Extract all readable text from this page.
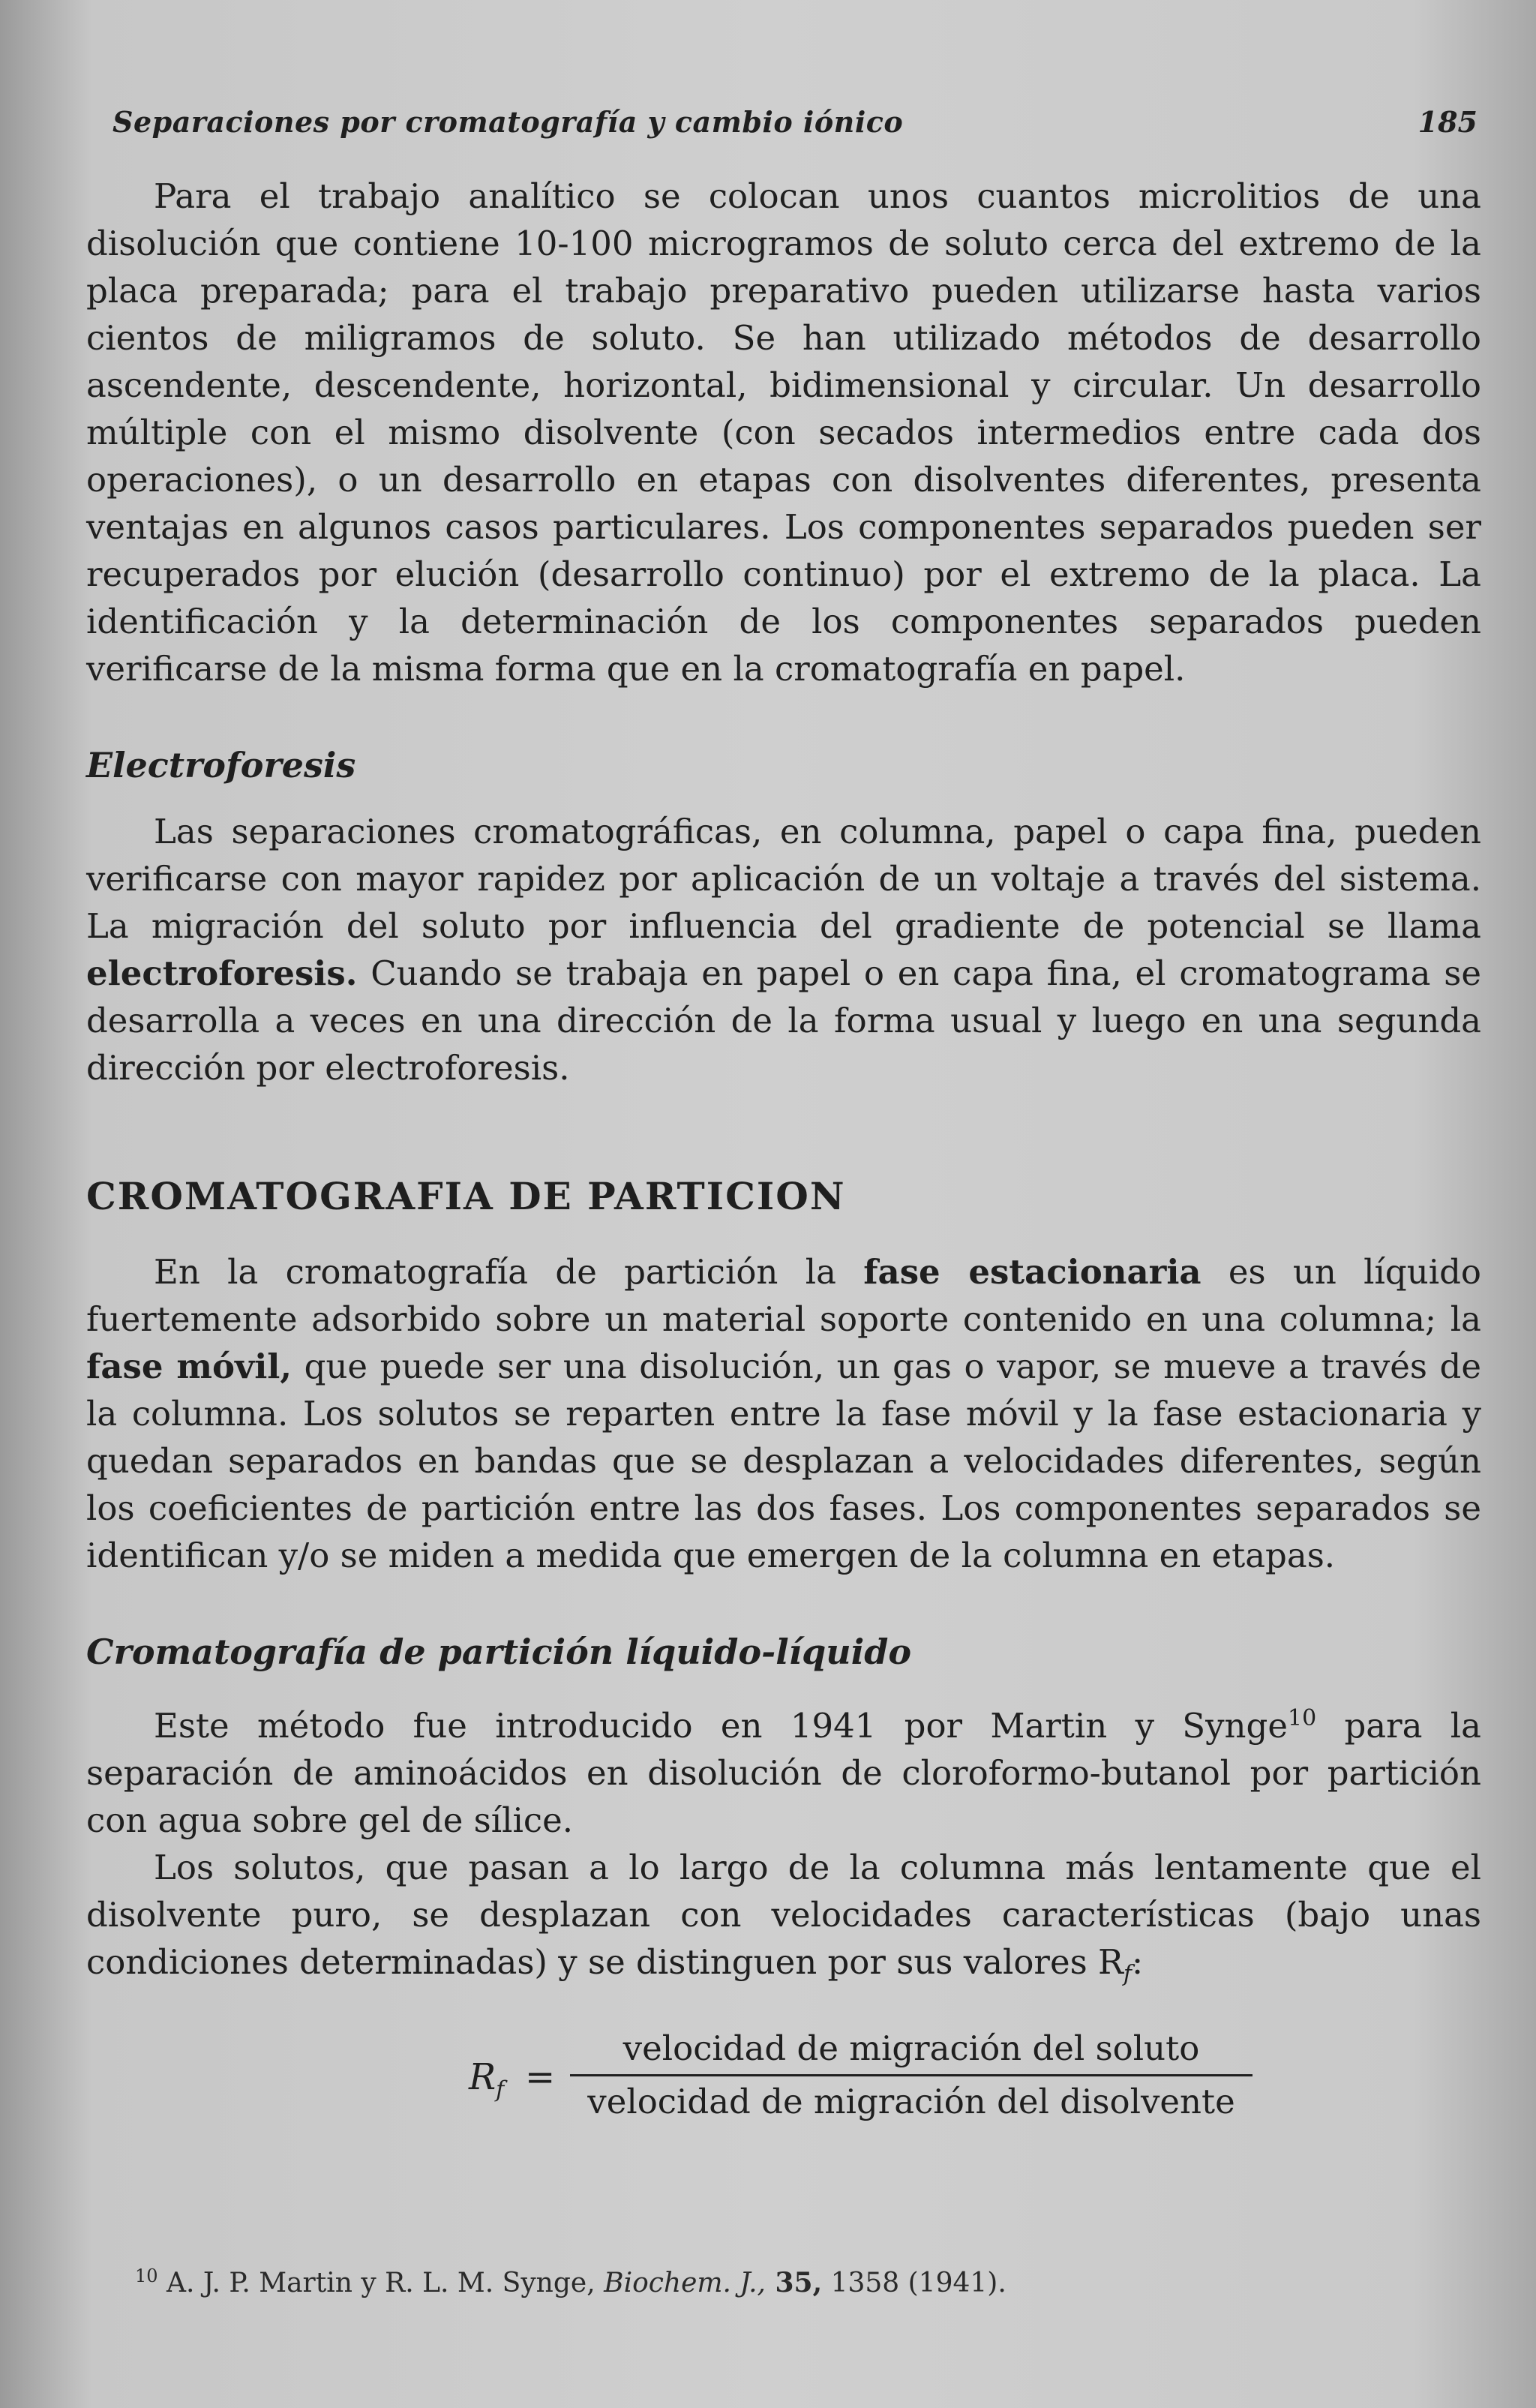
Separaciones por cromatografía y cambio iónico	185

Para el trabajo analítico se colocan unos cuantos microlitios de una disolución que contiene 10-100 microgramos de soluto cerca del extremo de la placa preparada; para el trabajo preparativo pueden utilizarse hasta varios cientos de miligramos de soluto. Se han utilizado métodos de desarrollo ascendente, descendente, horizontal, bidimensional y circular. Un desarrollo múltiple con el mismo disolvente (con secados intermedios entre cada dos operaciones), o un desarrollo en etapas con disolventes diferentes, presenta ventajas en algunos casos particulares. Los componentes separados pueden ser recuperados por elución (desarrollo continuo) por el extremo de la placa. La identificación y la determinación de los componentes separados pueden verificarse de la misma forma que en la cromatografía en papel.

Electroforesis

Las separaciones cromatográficas, en columna, papel o capa fina, pueden verificarse con mayor rapidez por aplicación de un voltaje a través del sistema. La migración del soluto por influencia del gradiente de potencial se llama electroforesis. Cuando se trabaja en papel o en capa fina, el cromatograma se desarrolla a veces en una dirección de la forma usual y luego en una segunda dirección por electroforesis.

CROMATOGRAFIA DE PARTICION

En la cromatografía de partición la fase estacionaria es un líquido fuertemente adsorbido sobre un material soporte contenido en una columna; la fase móvil, que puede ser una disolución, un gas o vapor, se mueve a través de la columna. Los solutos se reparten entre la fase móvil y la fase estacionaria y quedan separados en bandas que se desplazan a velocidades diferentes, según los coeficientes de partición entre las dos fases. Los componentes separados se identifican y/o se miden a medida que emergen de la columna en etapas.

Cromatografía de partición líquido-líquido

Este método fue introducido en 1941 por Martin y Synge$^{10}$ para la separación de aminoácidos en disolución de cloroformo-butanol por partición con agua sobre gel de sílice.

Los solutos, que pasan a lo largo de la columna más lentamente que el disolvente puro, se desplazan con velocidades características (bajo unas condiciones determinadas) y se distinguen por sus valores $R_f$:

$R_f$ =
velocidad de migración del soluto
velocidad de migración del disolvente
$^{10}$ A. J. P. Martin y R. L. M. Synge, Biochem. J., 35, 1358 (1941).
